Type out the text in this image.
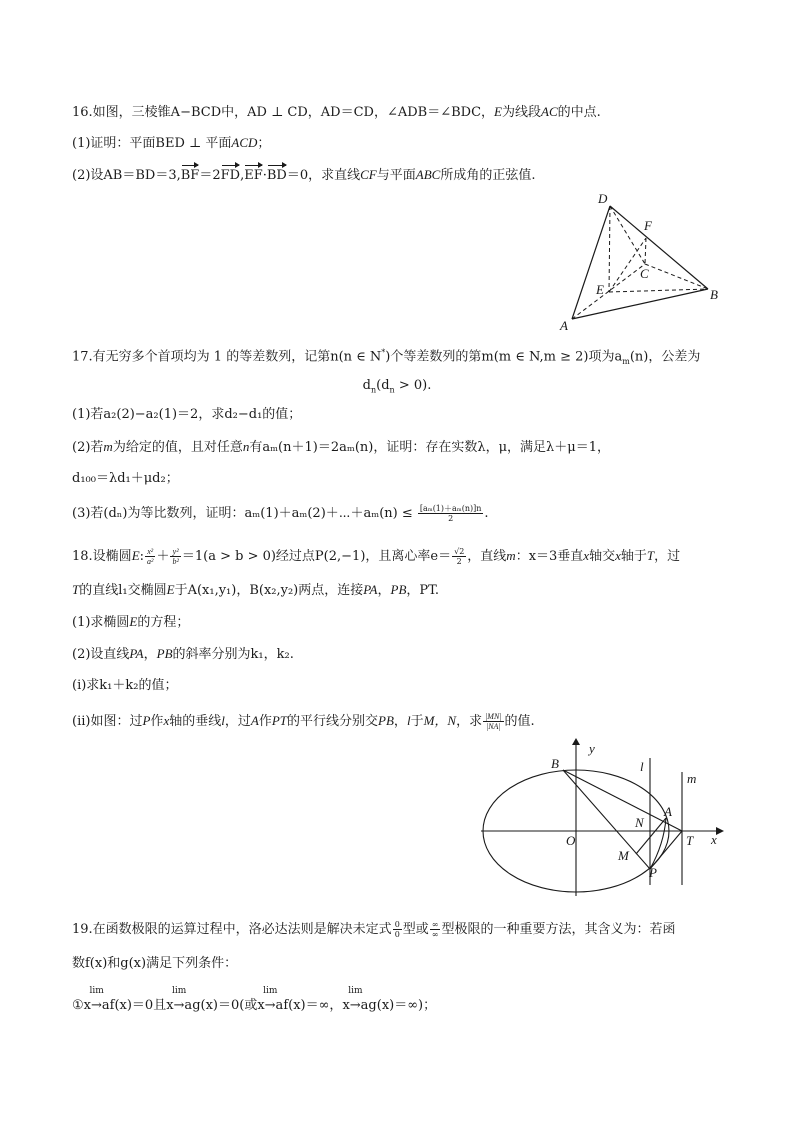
16.如图，三棱锥A−BCD中，AD ⊥ CD，AD＝CD，∠ADB＝∠BDC，E为线段AC的中点.
(1)证明：平面BED ⊥ 平面ACD；
(2)设AB＝BD＝3,BF＝2FD,EF·BD＝0，求直线CF与平面ABC所成角的正弦值.
D
F
C
E	B
A
17.有无穷多个首项均为 1 的等差数列，记第n(n ∈ N*)个等差数列的第m(m ∈ N,m ≥ 2)项为$a_m(n)$，公差为
$d_n(d_n > 0)$.
(1)若a₂(2)−a₂(1)＝2，求d₂−d₁的值；
(2)若m为给定的值，且对任意n有aₘ(n＋1)＝2aₘ(n)，证明：存在实数λ，μ，满足λ＋μ＝1，
d₁₀₀＝λd₁＋μd₂；
(3)若(dₙ)为等比数列，证明：aₘ(1)＋aₘ(2)＋⋯＋aₘ(n) ≤ $\frac{\text{[aₘ(1)＋aₘ(n)]n}}{2}$ .
18.设椭圆E: $\frac{\text{x²}}{\text{a²}} + \frac{\text{y²}}{\text{b²}} =1(a > b > 0)$经过点P(2,−1)，且离心率$e= \frac{√2}{2}$ ，直线m：x＝3垂直x轴交x轴于T，过
T的直线l₁交椭圆E于A(x₁,y₁)，B(x₂,y₂)两点，连接PA，PB，PT.
(1)求椭圆E的方程；
(2)设直线PA，PB的斜率分别为k₁，k₂.
(ⅰ)求k₁＋k₂的值；
(ⅱ)如图：过P作x轴的垂线l，过A作PT的平行线分别交PB，l于M，N，求 $\frac{|MN|}{|NA|}$ 的值.
B
y
l
m
A
N
O	T x
M
P
19.在函数极限的运算过程中，洛必达法则是解决未定式 $\frac{0}{0}$ 型或 $\frac{\infty}{\infty}$ 型极限的一种重要方法，其含义为：若函
数f(x)和g(x)满足下列条件：
①
lim
x→af(x)＝0且
lim
x→ag(x)＝0(或
lim
x→af(x)＝∞，
lim
x→ag(x)＝∞)；
